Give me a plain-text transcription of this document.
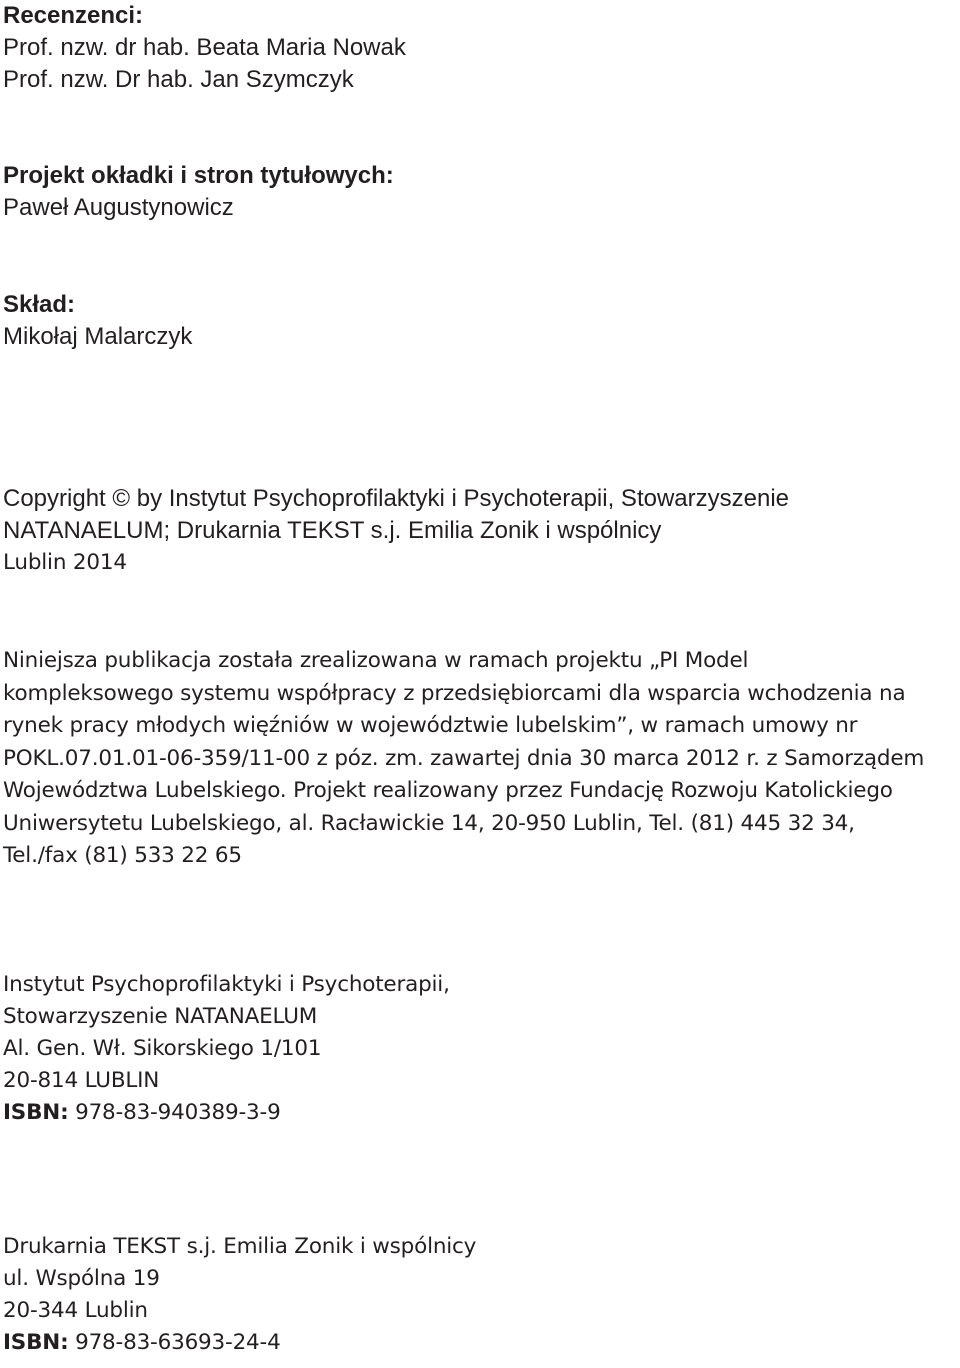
Recenzenci:
Prof. nzw. dr hab. Beata Maria Nowak
Prof. nzw. Dr hab. Jan Szymczyk
Projekt okładki i stron tytułowych:
Paweł Augustynowicz
Skład:
Mikołaj Malarczyk
Copyright © by Instytut Psychoprofilaktyki i Psychoterapii, Stowarzyszenie
NATANAELUM; Drukarnia TEKST s.j. Emilia Zonik i wspólnicy
Lublin 2014
Niniejsza publikacja została zrealizowana w ramach projektu „PI Model
kompleksowego systemu współpracy z przedsiębiorcami dla wsparcia wchodzenia na
rynek pracy młodych więźniów w województwie lubelskim”, w ramach umowy nr
POKL.07.01.01-06-359/11-00 z póz. zm. zawartej dnia 30 marca 2012 r. z Samorządem
Województwa Lubelskiego. Projekt realizowany przez Fundację Rozwoju Katolickiego
Uniwersytetu Lubelskiego, al. Racławickie 14, 20-950 Lublin, Tel. (81) 445 32 34,
Tel./fax (81) 533 22 65
Instytut Psychoprofilaktyki i Psychoterapii,
Stowarzyszenie NATANAELUM
Al. Gen. Wł. Sikorskiego 1/101
20-814 LUBLIN
ISBN: 978-83-940389-3-9
Drukarnia TEKST s.j. Emilia Zonik i wspólnicy
ul. Wspólna 19
20-344 Lublin
ISBN: 978-83-63693-24-4
